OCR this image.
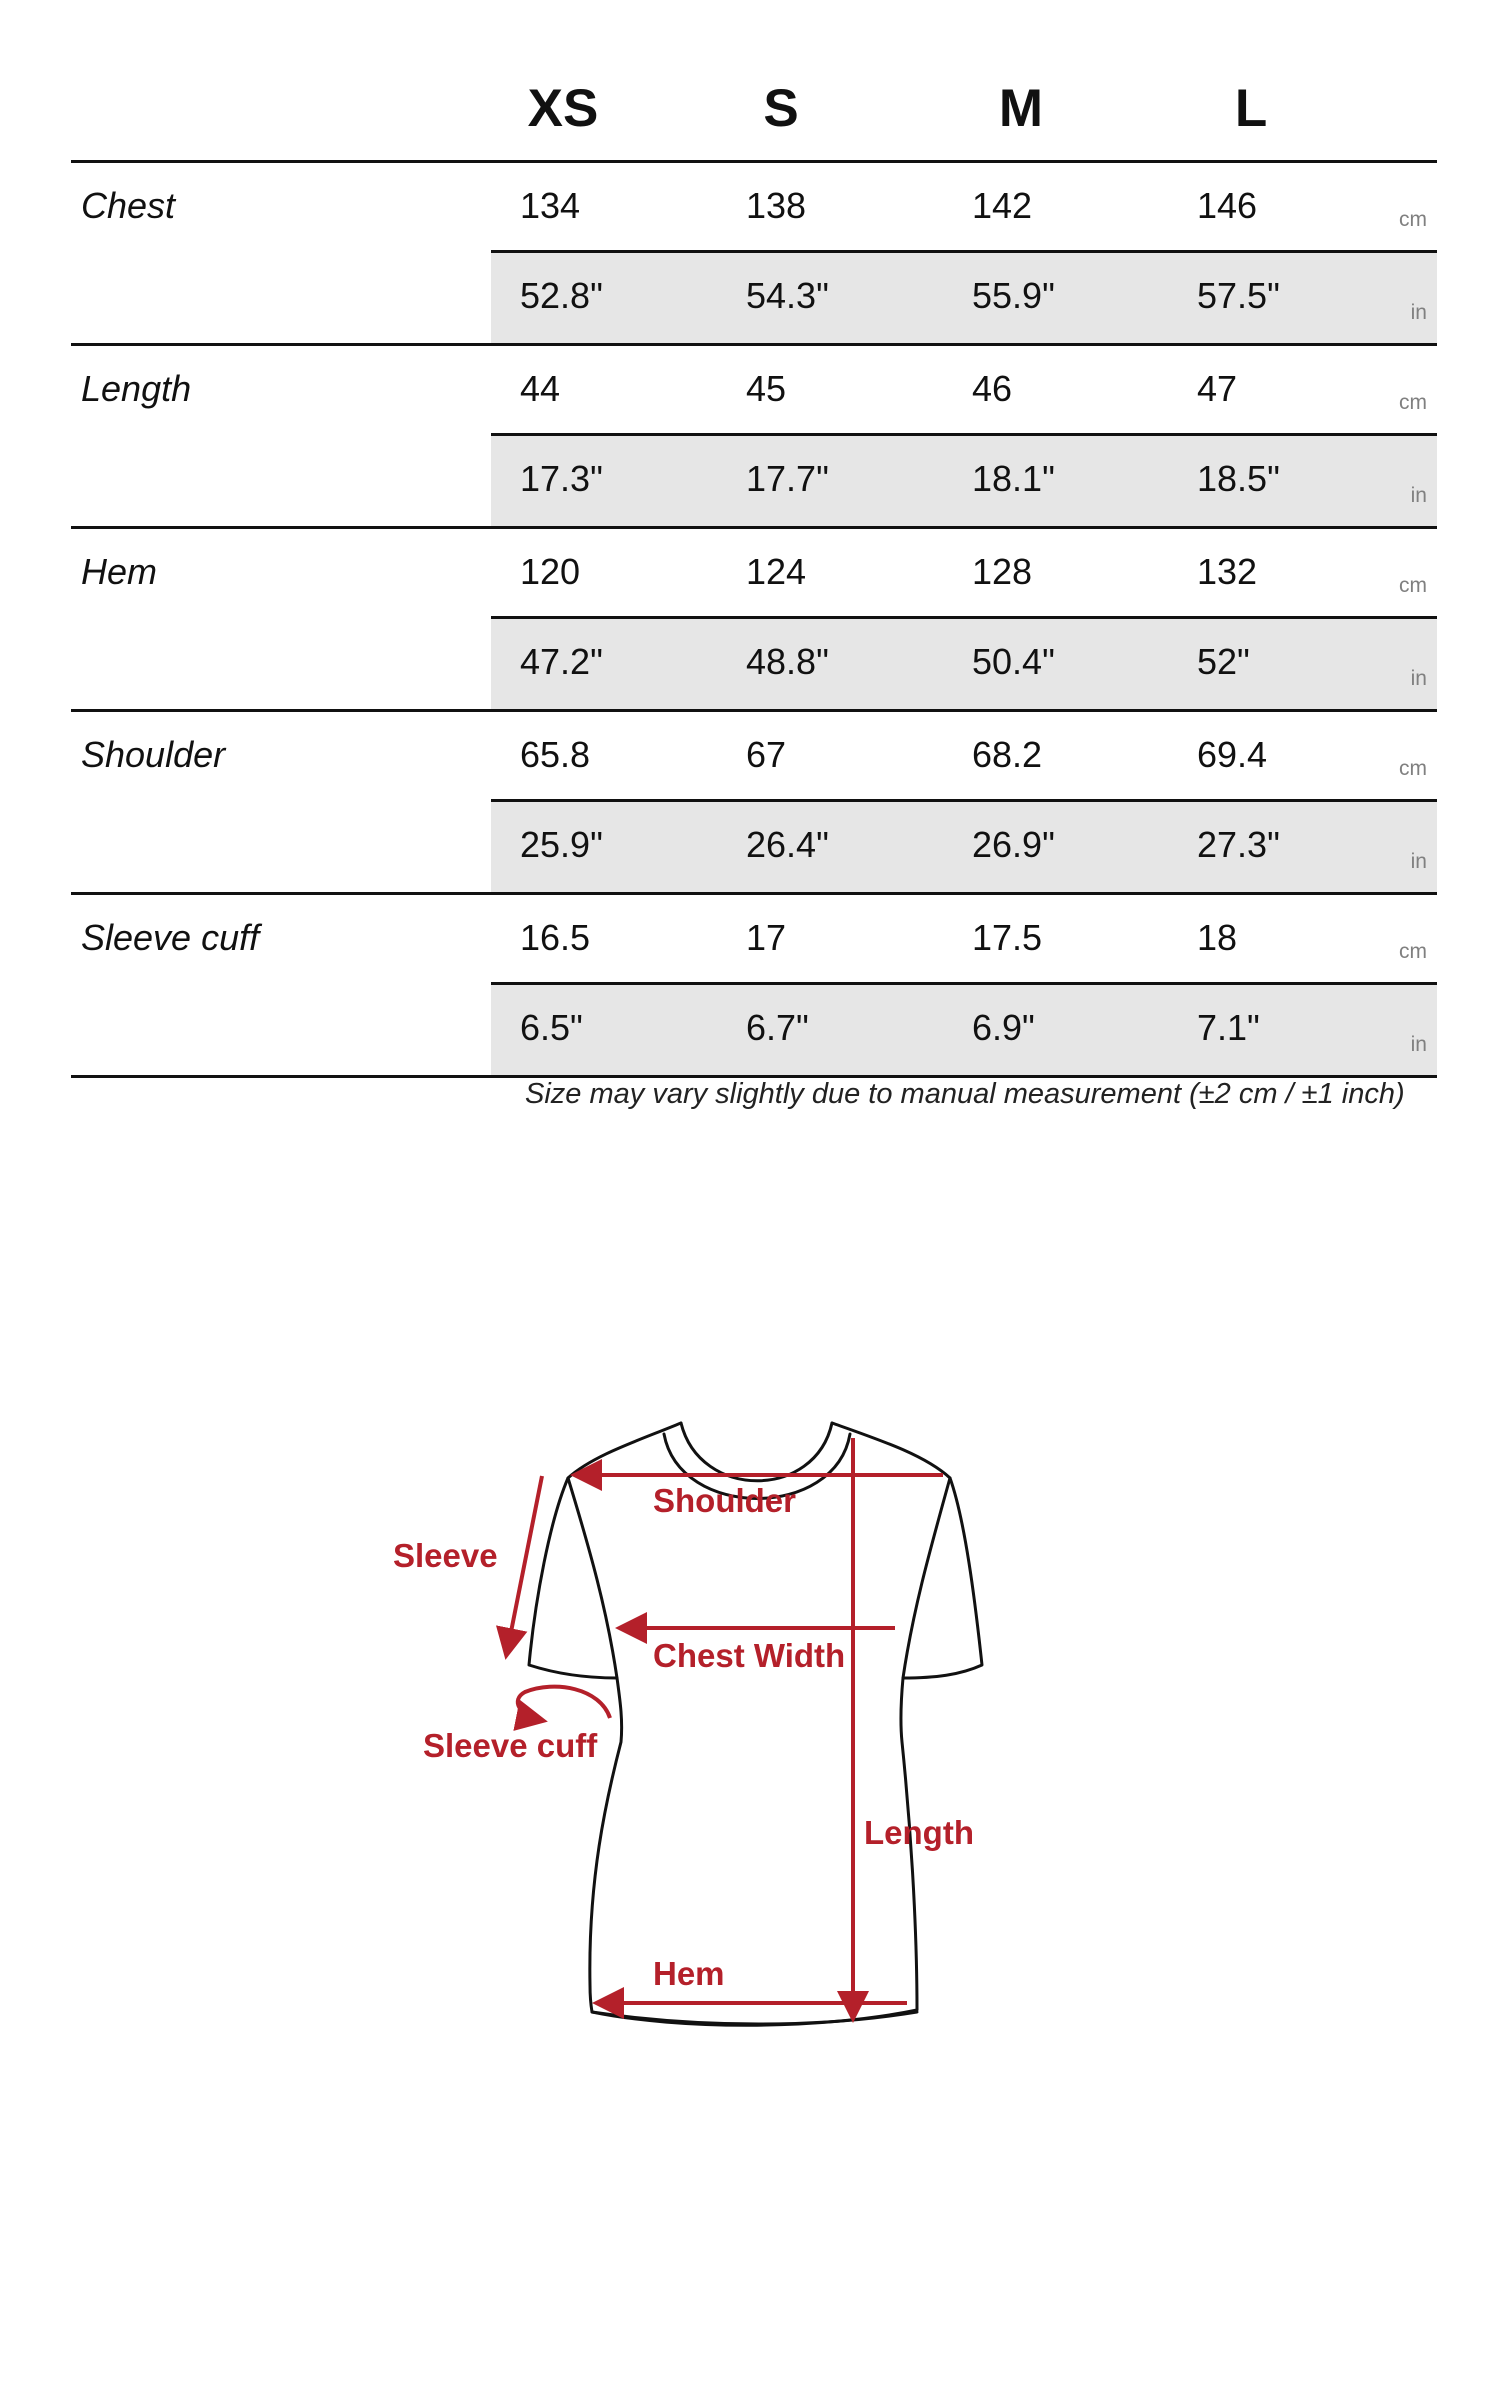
XS	S	M	L
Chest	134	138	142	146	cm
52.8"	54.3"	55.9"	57.5"	in
Length	44	45	46	47	cm
17.3"	17.7"	18.1"	18.5"	in
Hem	120	124	128	132	cm
47.2"	48.8"	50.4"	52"	in
Shoulder	65.8	67	68.2	69.4	cm
25.9"	26.4"	26.9"	27.3"	in
Sleeve cuff	16.5	17	17.5	18	cm
6.5"	6.7"	6.9"	7.1"	in
Size may vary slightly due to manual measurement (±2 cm / ±1 inch)
Sleeve
Shoulder
Chest Width
Sleeve cuff
Length
Hem
